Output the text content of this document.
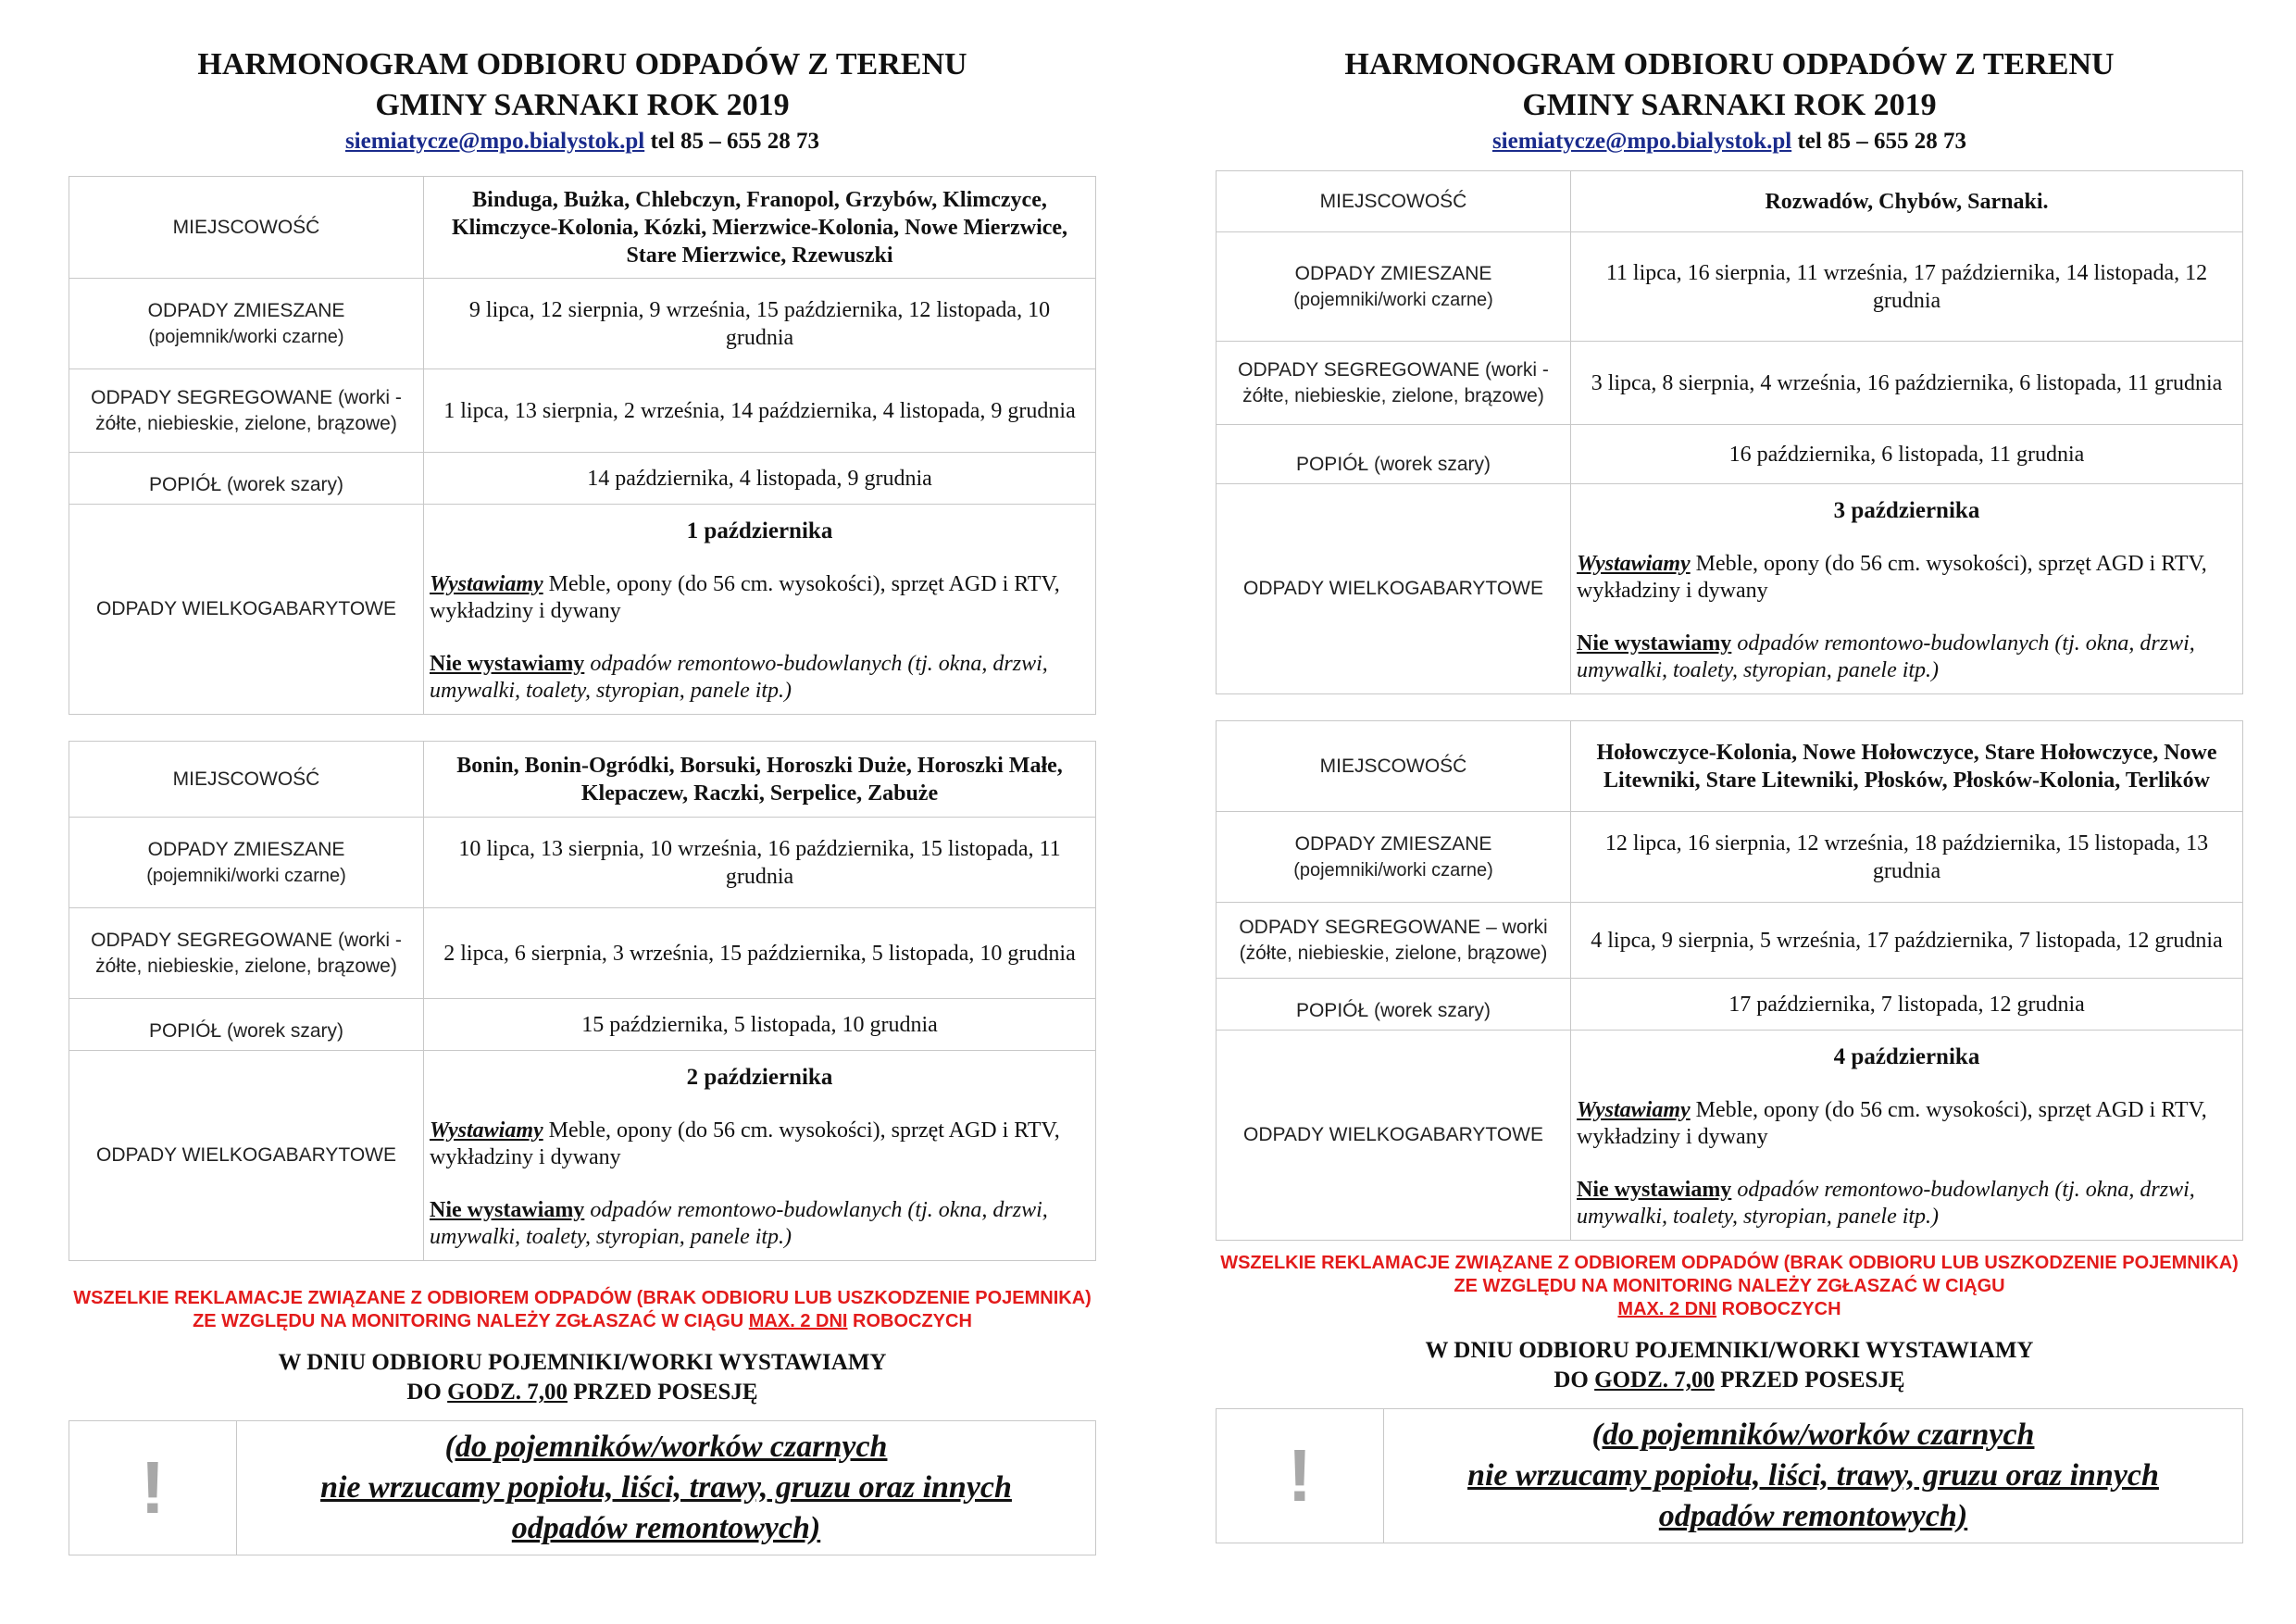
HARMONOGRAM ODBIORU ODPADÓW Z TERENU
GMINY SARNAKI ROK 2019
siemiatycze@mpo.bialystok.pl tel 85 – 655 28 73
MIEJSCOWOŚĆ	Binduga, Bużka, Chlebczyn, Franopol, Grzybów, Klimczyce, Klimczyce-Kolonia, Kózki, Mierzwice-Kolonia, Nowe Mierzwice, Stare Mierzwice, Rzewuszki
ODPADY ZMIESZANE
(pojemnik/worki czarne)	9 lipca, 12 sierpnia, 9 września, 15 października, 12 listopada, 10 grudnia
ODPADY SEGREGOWANE (worki - żółte, niebieskie, zielone, brązowe)	1 lipca, 13 sierpnia, 2 września, 14 października, 4 listopada, 9 grudnia
POPIÓŁ (worek szary)	14 października, 4 listopada, 9 grudnia
ODPADY WIELKOGABARYTOWE	1 października

Wystawiamy Meble, opony (do 56 cm. wysokości), sprzęt AGD i RTV, wykładziny i dywany

Nie wystawiamy odpadów remontowo-budowlanych (tj. okna, drzwi, umywalki, toalety, styropian, panele itp.)

MIEJSCOWOŚĆ	Bonin, Bonin-Ogródki, Borsuki, Horoszki Duże, Horoszki Małe, Klepaczew, Raczki, Serpelice, Zabuże
ODPADY ZMIESZANE
(pojemniki/worki czarne)	10 lipca, 13 sierpnia, 10 września, 16 października, 15 listopada, 11 grudnia
ODPADY SEGREGOWANE (worki - żółte, niebieskie, zielone, brązowe)	2 lipca, 6 sierpnia, 3 września, 15 października, 5 listopada, 10 grudnia
POPIÓŁ (worek szary)	15 października, 5 listopada, 10 grudnia
ODPADY WIELKOGABARYTOWE	2 października

Wystawiamy Meble, opony (do 56 cm. wysokości), sprzęt AGD i RTV, wykładziny i dywany

Nie wystawiamy odpadów remontowo-budowlanych (tj. okna, drzwi, umywalki, toalety, styropian, panele itp.)

WSZELKIE REKLAMACJE ZWIĄZANE Z ODBIOREM ODPADÓW (BRAK ODBIORU LUB USZKODZENIE POJEMNIKA) ZE WZGLĘDU NA MONITORING NALEŻY ZGŁASZAĆ W CIĄGU MAX. 2 DNI ROBOCZYCH
W DNIU ODBIORU POJEMNIKI/WORKI WYSTAWIAMY
DO GODZ. 7,00 PRZED POSESJĘ
!	(do pojemników/worków czarnych
nie wrzucamy popiołu, liści, trawy, gruzu oraz innych
odpadów remontowych)
HARMONOGRAM ODBIORU ODPADÓW Z TERENU
GMINY SARNAKI ROK 2019
siemiatycze@mpo.bialystok.pl tel 85 – 655 28 73
MIEJSCOWOŚĆ	Rozwadów, Chybów, Sarnaki.
ODPADY ZMIESZANE
(pojemniki/worki czarne)	11 lipca, 16 sierpnia, 11 września, 17 października, 14 listopada, 12 grudnia
ODPADY SEGREGOWANE (worki - żółte, niebieskie, zielone, brązowe)	3 lipca, 8 sierpnia, 4 września, 16 października, 6 listopada, 11 grudnia
POPIÓŁ (worek szary)	16 października, 6 listopada, 11 grudnia
ODPADY WIELKOGABARYTOWE	3 października

Wystawiamy Meble, opony (do 56 cm. wysokości), sprzęt AGD i RTV, wykładziny i dywany

Nie wystawiamy odpadów remontowo-budowlanych (tj. okna, drzwi, umywalki, toalety, styropian, panele itp.)

MIEJSCOWOŚĆ	Hołowczyce-Kolonia, Nowe Hołowczyce, Stare Hołowczyce, Nowe Litewniki, Stare Litewniki, Płosków, Płosków-Kolonia, Terlików
ODPADY ZMIESZANE
(pojemniki/worki czarne)	12 lipca, 16 sierpnia, 12 września, 18 października, 15 listopada, 13 grudnia
ODPADY SEGREGOWANE – worki (żółte, niebieskie, zielone, brązowe)	4 lipca, 9 sierpnia, 5 września, 17 października, 7 listopada, 12 grudnia
POPIÓŁ (worek szary)	17 października, 7 listopada, 12 grudnia
ODPADY WIELKOGABARYTOWE	4 października

Wystawiamy Meble, opony (do 56 cm. wysokości), sprzęt AGD i RTV, wykładziny i dywany

Nie wystawiamy odpadów remontowo-budowlanych (tj. okna, drzwi, umywalki, toalety, styropian, panele itp.)

WSZELKIE REKLAMACJE ZWIĄZANE Z ODBIOREM ODPADÓW (BRAK ODBIORU LUB USZKODZENIE POJEMNIKA) ZE WZGLĘDU NA MONITORING NALEŻY ZGŁASZAĆ W CIĄGU
MAX. 2 DNI ROBOCZYCH
W DNIU ODBIORU POJEMNIKI/WORKI WYSTAWIAMY
DO GODZ. 7,00 PRZED POSESJĘ
!	(do pojemników/worków czarnych
nie wrzucamy popiołu, liści, trawy, gruzu oraz innych
odpadów remontowych)
